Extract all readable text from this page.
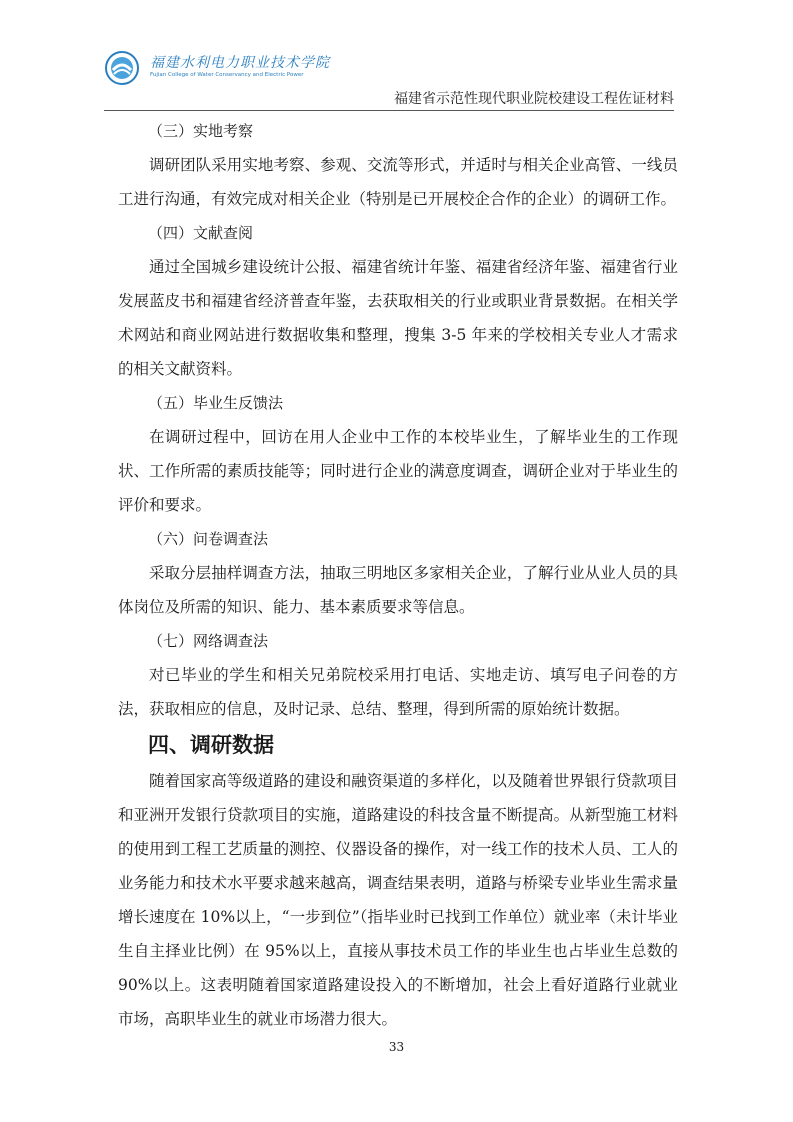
福建水利电力职业技术学院
Fujian College of Water Conservancy and Electric Power
福建省示范性现代职业院校建设工程佐证材料
（三）实地考察

调研团队采用实地考察、参观、交流等形式，并适时与相关企业高管、一线员工进行沟通，有效完成对相关企业（特别是已开展校企合作的企业）的调研工作。

（四）文献查阅

通过全国城乡建设统计公报、福建省统计年鉴、福建省经济年鉴、福建省行业发展蓝皮书和福建省经济普查年鉴，去获取相关的行业或职业背景数据。在相关学术网站和商业网站进行数据收集和整理，搜集 3-5 年来的学校相关专业人才需求的相关文献资料。

（五）毕业生反馈法

在调研过程中，回访在用人企业中工作的本校毕业生，了解毕业生的工作现状、工作所需的素质技能等；同时进行企业的满意度调查，调研企业对于毕业生的评价和要求。

（六）问卷调查法

采取分层抽样调查方法，抽取三明地区多家相关企业，了解行业从业人员的具体岗位及所需的知识、能力、基本素质要求等信息。

（七）网络调查法

对已毕业的学生和相关兄弟院校采用打电话、实地走访、填写电子问卷的方法，获取相应的信息，及时记录、总结、整理，得到所需的原始统计数据。

四、调研数据

随着国家高等级道路的建设和融资渠道的多样化，以及随着世界银行贷款项目和亚洲开发银行贷款项目的实施，道路建设的科技含量不断提高。从新型施工材料的使用到工程工艺质量的测控、仪器设备的操作，对一线工作的技术人员、工人的业务能力和技术水平要求越来越高，调查结果表明，道路与桥梁专业毕业生需求量增长速度在 10%以上，“一步到位”（指毕业时已找到工作单位）就业率（未计毕业生自主择业比例）在 95%以上，直接从事技术员工作的毕业生也占毕业生总数的 90%以上。这表明随着国家道路建设投入的不断增加，社会上看好道路行业就业市场，高职毕业生的就业市场潜力很大。

33
